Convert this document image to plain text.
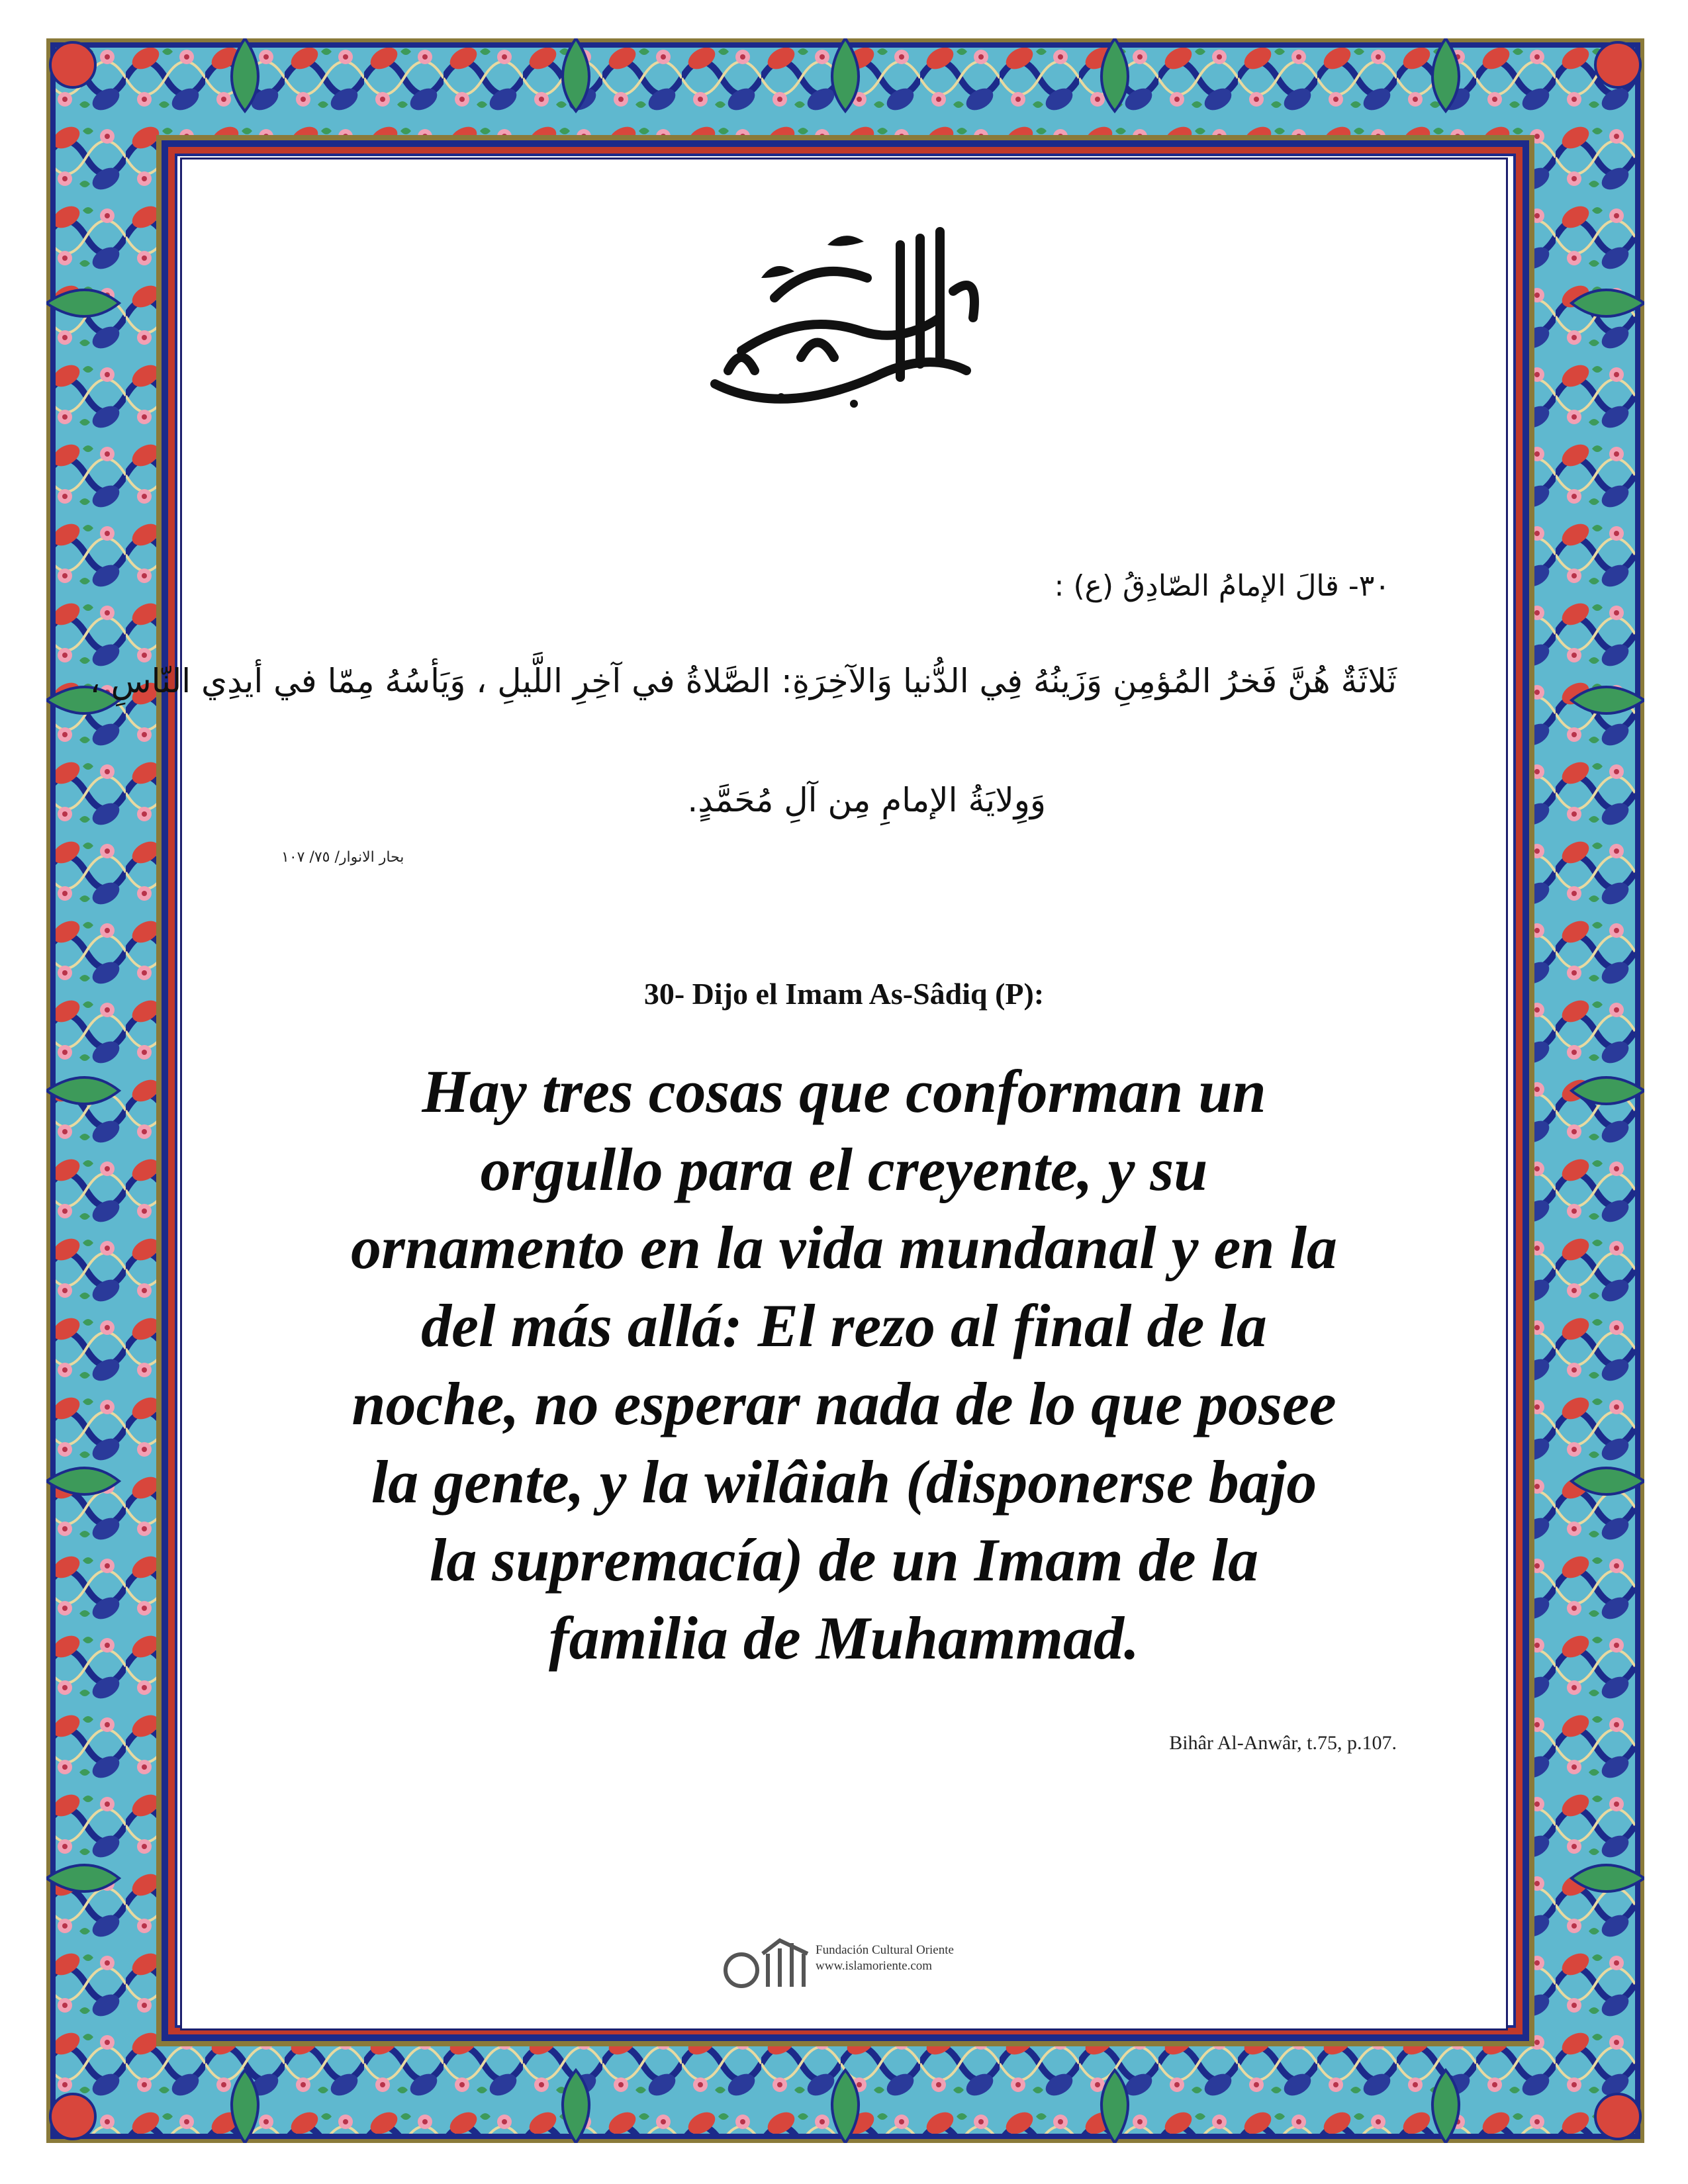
٣٠- قالَ الإمامُ الصّادِقُ (ع) :
ثَلاثَةٌ هُنَّ فَخرُ المُؤمِنِ وَزَينُهُ فِي الدُّنيا وَالآخِرَةِ: الصَّلاةُ في آخِرِ اللَّيلِ ، وَيَأسُهُ مِمّا في أيدِي النّاسِ ،
وَوِلايَةُ الإمامِ مِن آلِ مُحَمَّدٍ.
بحار الانوار/ ٧٥/ ١٠٧
30- Dijo el Imam As-Sâdiq (P):
Hay tres cosas que conforman un
orgullo para el creyente, y su
ornamento en la vida mundanal y en la
del más allá: El rezo al final de la
noche, no esperar nada de lo que posee
la gente, y la wilâiah (disponerse bajo
la supremacía) de un Imam de la
familia de Muhammad.
Bihâr Al-Anwâr, t.75, p.107.
Fundación Cultural Oriente
www.islamoriente.com
